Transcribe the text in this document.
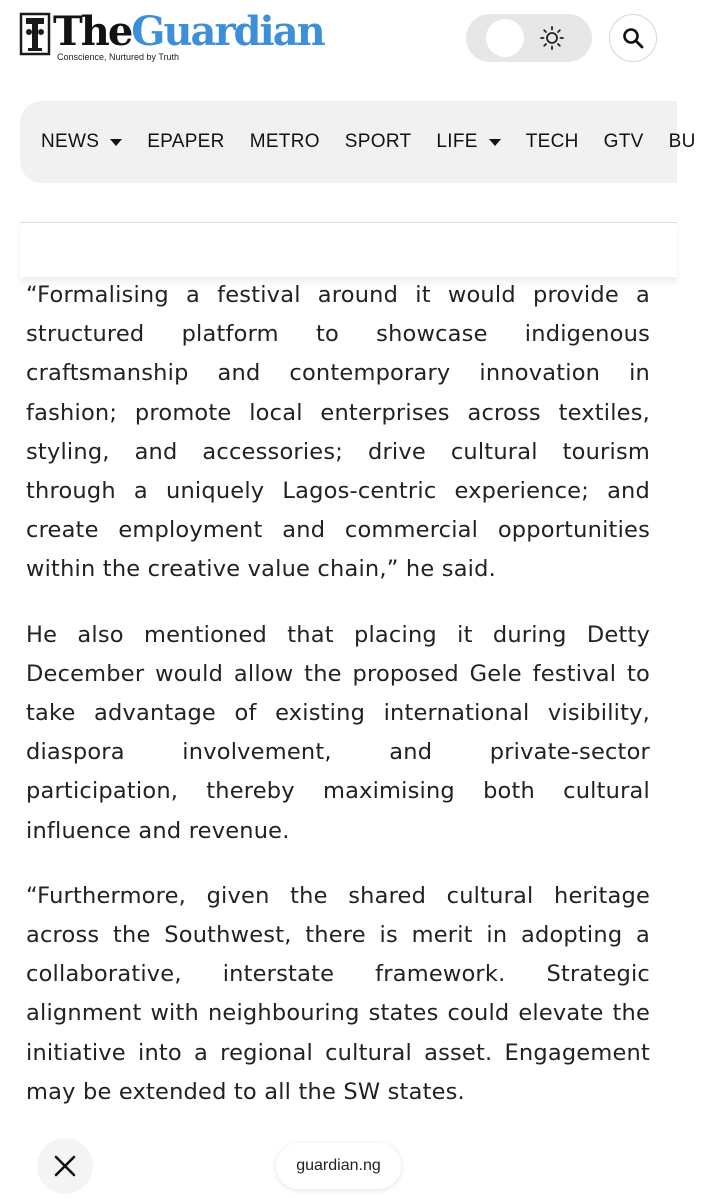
TheGuardian
Conscience, Nurtured by Truth
NEWS	EPAPER METRO SPORT LIFE	TECH GTV BU

“Formalising a festival around it would provide a structured platform to showcase indigenous craftsmanship and contemporary innovation in fashion; promote local enterprises across textiles, styling, and accessories; drive cultural tourism through a uniquely Lagos-centric experience; and create employment and commercial opportunities within the creative value chain,” he said.

He also mentioned that placing it during Detty December would allow the proposed Gele festival to take advantage of existing international visibility, diaspora involvement, and private-sector participation, thereby maximising both cultural influence and revenue.

“Furthermore, given the shared cultural heritage across the Southwest, there is merit in adopting a collaborative, interstate framework. Strategic alignment with neighbouring states could elevate the initiative into a regional cultural asset. Engagement may be extended to all the SW states.

guardian.ng
